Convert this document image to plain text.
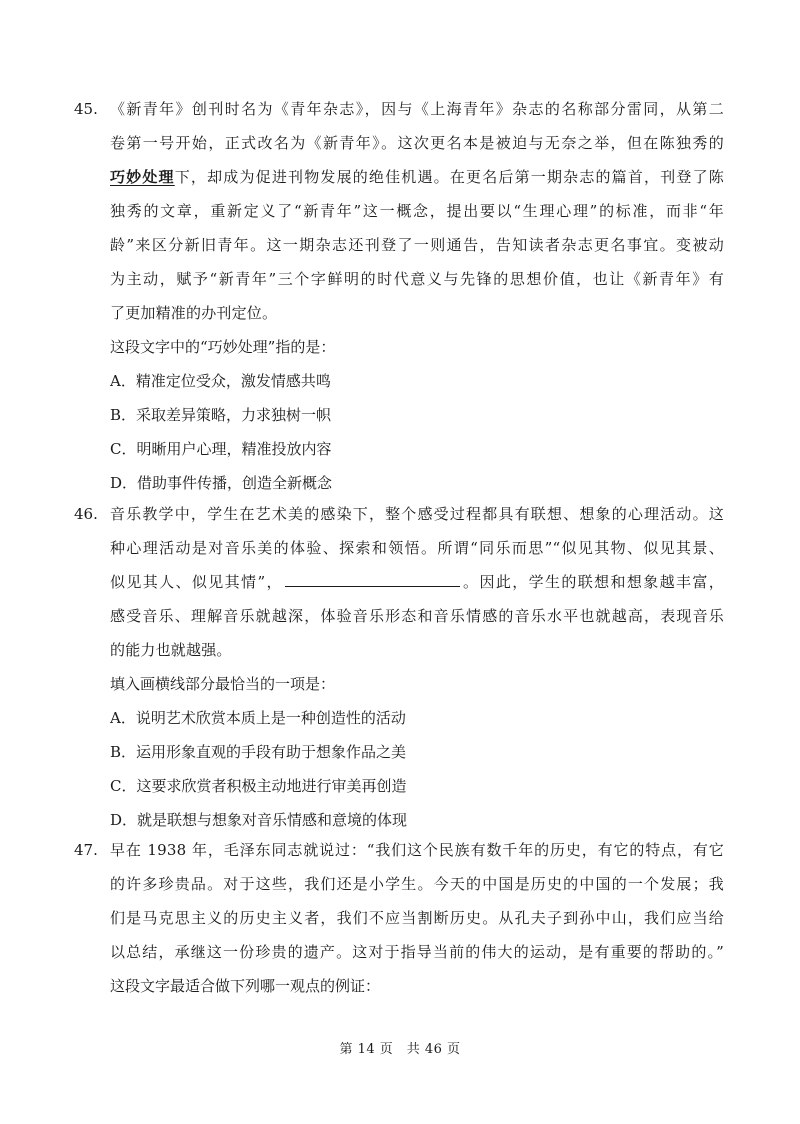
45. 《新青年》创刊时名为《青年杂志》，因与《上海青年》杂志的名称部分雷同，从第二
卷第一号开始，正式改名为《新青年》。这次更名本是被迫与无奈之举，但在陈独秀的
巧妙处理下，却成为促进刊物发展的绝佳机遇。在更名后第一期杂志的篇首，刊登了陈
独秀的文章，重新定义了“新青年”这一概念，提出要以“生理心理”的标准，而非“年
龄”来区分新旧青年。这一期杂志还刊登了一则通告，告知读者杂志更名事宜。变被动
为主动，赋予“新青年”三个字鲜明的时代意义与先锋的思想价值，也让《新青年》有
了更加精准的办刊定位。
这段文字中的“巧妙处理”指的是：
A．精准定位受众，激发情感共鸣
B．采取差异策略，力求独树一帜
C．明晰用户心理，精准投放内容
D．借助事件传播，创造全新概念
46. 音乐教学中，学生在艺术美的感染下，整个感受过程都具有联想、想象的心理活动。这
种心理活动是对音乐美的体验、探索和领悟。所谓“同乐而思”“似见其物、似见其景、
似见其人、似见其情”，	。因此，学生的联想和想象越丰富，
感受音乐、理解音乐就越深，体验音乐形态和音乐情感的音乐水平也就越高，表现音乐
的能力也就越强。
填入画横线部分最恰当的一项是：
A．说明艺术欣赏本质上是一种创造性的活动
B．运用形象直观的手段有助于想象作品之美
C．这要求欣赏者积极主动地进行审美再创造
D．就是联想与想象对音乐情感和意境的体现
47. 早在 1938 年，毛泽东同志就说过：“我们这个民族有数千年的历史，有它的特点，有它
的许多珍贵品。对于这些，我们还是小学生。今天的中国是历史的中国的一个发展；我
们是马克思主义的历史主义者，我们不应当割断历史。从孔夫子到孙中山，我们应当给
以总结，承继这一份珍贵的遗产。这对于指导当前的伟大的运动，是有重要的帮助的。”
这段文字最适合做下列哪一观点的例证：
第 14 页　共 46 页
